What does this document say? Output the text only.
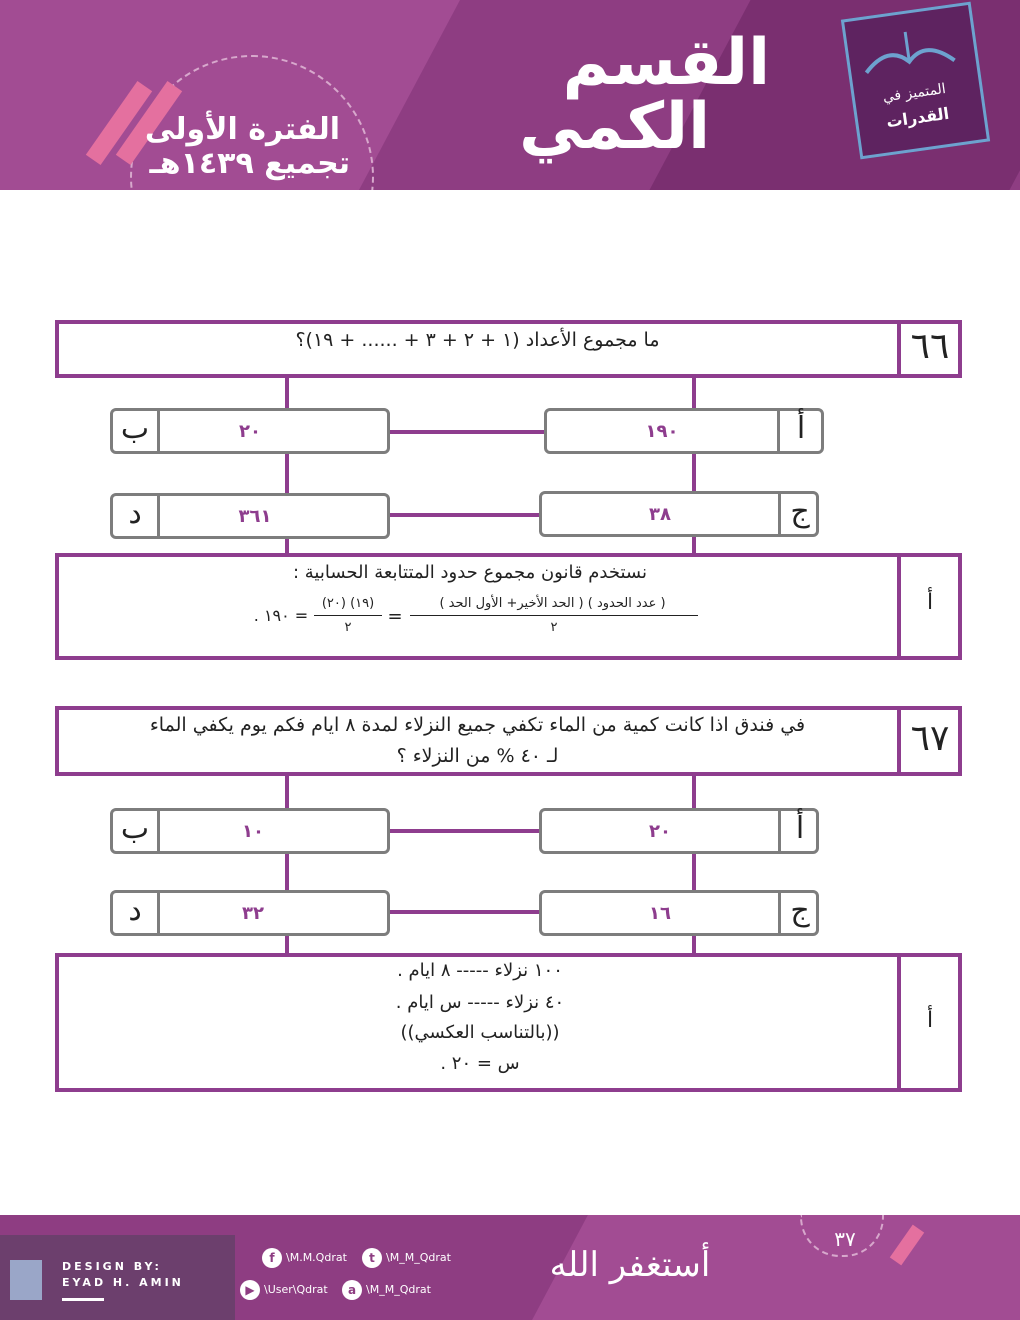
القسم
الكمي
الفترة الأولى
تجميع ١٤٣٩هـ
المتميز في
القدرات
٦٦
ما مجموع الأعداد (١ + ٢ + ٣ + ...... + ١٩)؟
١٩٠	أ
ب	٢٠
٣٨	ج
د	٣٦١
أ
نستخدم قانون مجموع حدود المتتابعة الحسابية :
( عدد الحدود ) ( الحد الأخير+ الأول الحد )
٢
=
(١٩) (٢٠)
٢
= ١٩٠ .
٦٧
في فندق اذا كانت كمية من الماء تكفي جميع النزلاء لمدة ٨ ايام فكم يوم يكفي الماء
لـ ٤٠ % من النزلاء ؟
٢٠	أ
ب	١٠
١٦	ج
د	٣٢
أ
١٠٠ نزلاء ----- ٨ ايام .
٤٠ نزلاء ----- س ايام .
((بالتناسب العكسي))
س = ٢٠ .
DESIGN BY:
EYAD H. AMIN
f	\M.M.Qdrat	t	\M_M_Qdrat
▶ \User\Qdrat	a \M_M_Qdrat
أستغفر الله
٣٧
